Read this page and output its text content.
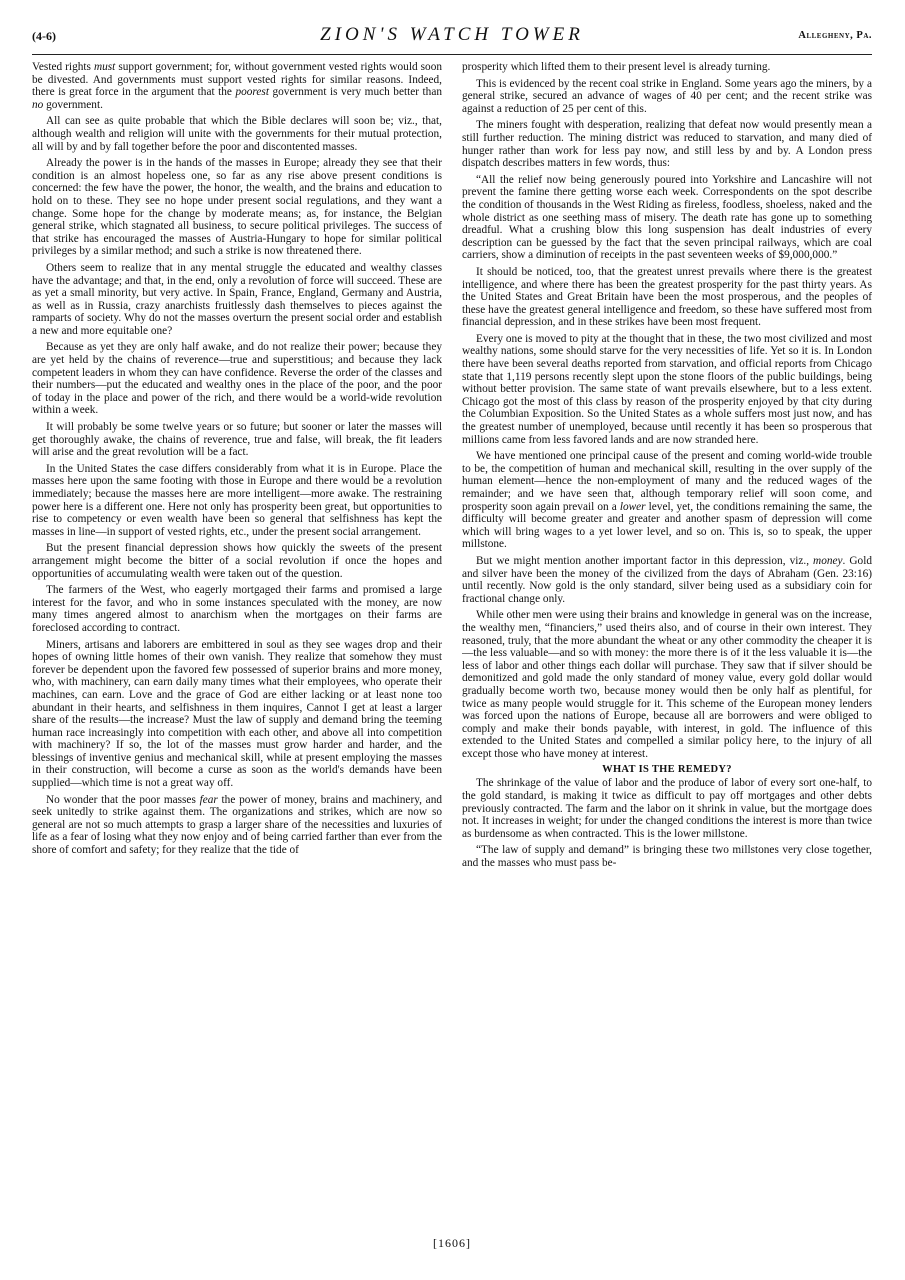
(4-6)	ZION'S WATCH TOWER	Allegheny, Pa.

Vested rights must support government; for, without government vested rights would soon be divested. And governments must support vested rights for similar reasons. Indeed, there is great force in the argument that the poorest government is very much better than no government.

All can see as quite probable that which the Bible declares will soon be; viz., that, although wealth and religion will unite with the governments for their mutual protection, all will by and by fall together before the poor and discontented masses.

Already the power is in the hands of the masses in Europe; already they see that their condition is an almost hopeless one, so far as any rise above present conditions is concerned: the few have the power, the honor, the wealth, and the brains and education to hold on to these. They see no hope under present social regulations, and they want a change. Some hope for the change by moderate means; as, for instance, the Belgian general strike, which stagnated all business, to secure political privileges. The success of that strike has encouraged the masses of Austria-Hungary to hope for similar political privileges by a similar method; and such a strike is now threatened there.

Others seem to realize that in any mental struggle the educated and wealthy classes have the advantage; and that, in the end, only a revolution of force will succeed. These are as yet a small minority, but very active. In Spain, France, England, Germany and Austria, as well as in Russia, crazy anarchists fruitlessly dash themselves to pieces against the ramparts of society. Why do not the masses overturn the present social order and establish a new and more equitable one?

Because as yet they are only half awake, and do not realize their power; because they are yet held by the chains of reverence—true and superstitious; and because they lack competent leaders in whom they can have confidence. Reverse the order of the classes and their numbers—put the educated and wealthy ones in the place of the poor, and the poor of today in the place and power of the rich, and there would be a world-wide revolution within a week.

It will probably be some twelve years or so future; but sooner or later the masses will get thoroughly awake, the chains of reverence, true and false, will break, the fit leaders will arise and the great revolution will be a fact.

In the United States the case differs considerably from what it is in Europe. Place the masses here upon the same footing with those in Europe and there would be a revolution immediately; because the masses here are more intelligent—more awake. The restraining power here is a different one. Here not only has prosperity been great, but opportunities to rise to competency or even wealth have been so general that selfishness has kept the masses in line—in support of vested rights, etc., under the present social arrangement.

But the present financial depression shows how quickly the sweets of the present arrangement might become the bitter of a social revolution if once the hopes and opportunities of accumulating wealth were taken out of the question.

The farmers of the West, who eagerly mortgaged their farms and promised a large interest for the favor, and who in some instances speculated with the money, are now many times angered almost to anarchism when the mortgages on their farms are foreclosed according to contract.

Miners, artisans and laborers are embittered in soul as they see wages drop and their hopes of owning little homes of their own vanish. They realize that somehow they must forever be dependent upon the favored few possessed of superior brains and more money, who, with machinery, can earn daily many times what their employees, who operate their machines, can earn. Love and the grace of God are either lacking or at least none too abundant in their hearts, and selfishness in them inquires, Cannot I get at least a larger share of the results—the increase? Must the law of supply and demand bring the teeming human race increasingly into competition with each other, and above all into competition with machinery? If so, the lot of the masses must grow harder and harder, and the blessings of inventive genius and mechanical skill, while at present employing the masses in their construction, will become a curse as soon as the world's demands have been supplied—which time is not a great way off.

No wonder that the poor masses fear the power of money, brains and machinery, and seek unitedly to strike against them. The organizations and strikes, which are now so general are not so much attempts to grasp a larger share of the necessities and luxuries of life as a fear of losing what they now enjoy and of being carried farther than ever from the shore of comfort and safety; for they realize that the tide of

prosperity which lifted them to their present level is already turning.

This is evidenced by the recent coal strike in England. Some years ago the miners, by a general strike, secured an advance of wages of 40 per cent; and the recent strike was against a reduction of 25 per cent of this.

The miners fought with desperation, realizing that defeat now would presently mean a still further reduction. The mining district was reduced to starvation, and many died of hunger rather than work for less pay now, and still less by and by. A London press dispatch describes matters in few words, thus:

“All the relief now being generously poured into Yorkshire and Lancashire will not prevent the famine there getting worse each week. Correspondents on the spot describe the condition of thousands in the West Riding as fireless, foodless, shoeless, naked and the whole district as one seething mass of misery. The death rate has gone up to something dreadful. What a crushing blow this long suspension has dealt industries of every description can be guessed by the fact that the seven principal railways, which are coal carriers, show a diminution of receipts in the past seventeen weeks of $9,000,000.”

It should be noticed, too, that the greatest unrest prevails where there is the greatest intelligence, and where there has been the greatest prosperity for the past thirty years. As the United States and Great Britain have been the most prosperous, and the peoples of these have the greatest general intelligence and freedom, so these have suffered most from financial depression, and in these strikes have been most frequent.

Every one is moved to pity at the thought that in these, the two most civilized and most wealthy nations, some should starve for the very necessities of life. Yet so it is. In London there have been several deaths reported from starvation, and official reports from Chicago state that 1,119 persons recently slept upon the stone floors of the public buildings, being without better provision. The same state of want prevails elsewhere, but to a less extent. Chicago got the most of this class by reason of the prosperity enjoyed by that city during the Columbian Exposition. So the United States as a whole suffers most just now, and has the greatest number of unemployed, because until recently it has been so prosperous that millions came from less favored lands and are now stranded here.

We have mentioned one principal cause of the present and coming world-wide trouble to be, the competition of human and mechanical skill, resulting in the over supply of the human element—hence the non-employment of many and the reduced wages of the remainder; and we have seen that, although temporary relief will soon come, and prosperity soon again prevail on a lower level, yet, the conditions remaining the same, the difficulty will become greater and greater and another spasm of depression will come which will bring wages to a yet lower level, and so on. This is, so to speak, the upper millstone.

But we might mention another important factor in this depression, viz., money. Gold and silver have been the money of the civilized from the days of Abraham (Gen. 23:16) until recently. Now gold is the only standard, silver being used as a subsidiary coin for fractional change only.

While other men were using their brains and knowledge in general was on the increase, the wealthy men, “financiers,” used theirs also, and of course in their own interest. They reasoned, truly, that the more abundant the wheat or any other commodity the cheaper it is—the less valuable—and so with money: the more there is of it the less valuable it is—the less of labor and other things each dollar will purchase. They saw that if silver should be demonitized and gold made the only standard of money value, every gold dollar would gradually become worth two, because money would then be only half as plentiful, for twice as many people would struggle for it. This scheme of the European money lenders was forced upon the nations of Europe, because all are borrowers and were obliged to comply and make their bonds payable, with interest, in gold. The influence of this extended to the United States and compelled a similar policy here, to the injury of all except those who have money at interest.

WHAT IS THE REMEDY?

The shrinkage of the value of labor and the produce of labor of every sort one-half, to the gold standard, is making it twice as difficult to pay off mortgages and other debts previously contracted. The farm and the labor on it shrink in value, but the mortgage does not. It increases in weight; for under the changed conditions the interest is more than twice as burdensome as when contracted. This is the lower millstone.

“The law of supply and demand” is bringing these two millstones very close together, and the masses who must pass be-

[1606]
